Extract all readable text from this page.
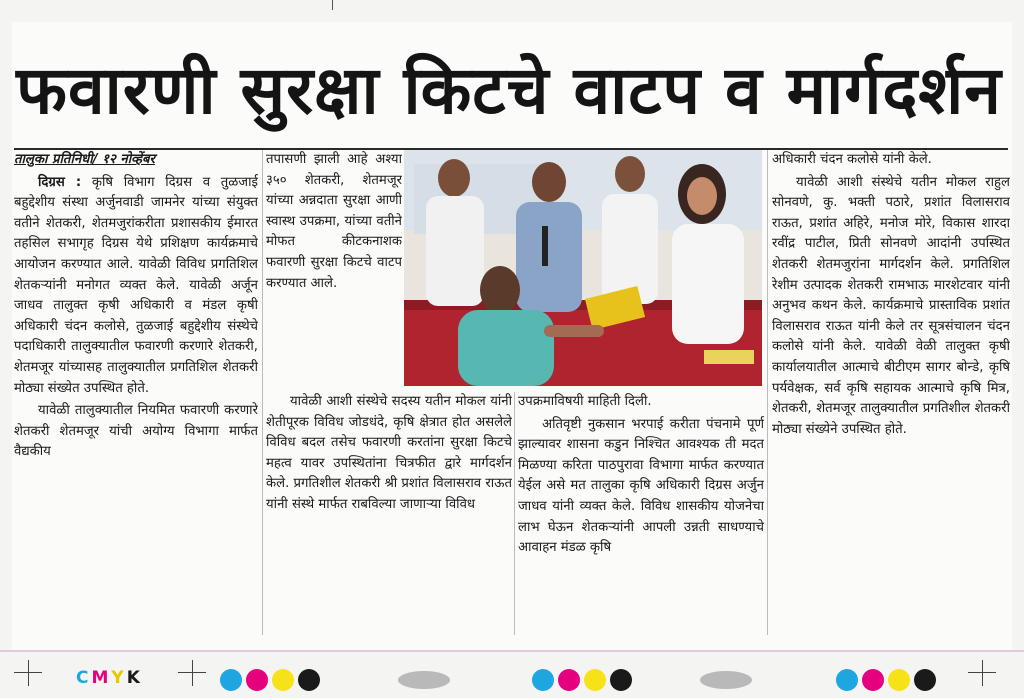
फवारणी सुरक्षा किटचे वाटप व मार्गदर्शन

तालुका प्रतिनिधी/ १२ नोव्हेंबर

दिग्रस : कृषि विभाग दिग्रस व तुळजाई बहुद्देशीय संस्था अर्जुनवाडी जामनेर यांच्या संयुक्त वतीने शेतकरी, शेतमजुरांकरीता प्रशासकीय ईमारत तहसिल सभागृह दिग्रस येथे प्रशिक्षण कार्यक्रमाचे आयोजन करण्यात आले. यावेळी विविध प्रगतिशिल शेतकऱ्यांनी मनोगत व्यक्त केले. यावेळी अर्जून जाधव तालुक्त कृषी अधिकारी व मंडल कृषी अधिकारी चंदन कलोसे, तुळजाई बहुद्देशीय संस्थेचे पदाधिकारी तालुक्यातील फवारणी करणारे शेतकरी, शेतमजूर यांच्यासह तालुक्यातील प्रगतिशिल शेतकरी मोठ्या संख्येत उपस्थित होते.

यावेळी तालुक्यातील नियमित फवारणी करणारे शेतकरी शेतमजूर यांची अयोग्य विभागा मार्फत वैद्यकीय

तपासणी झाली आहे अश्या ३५० शेतकरी, शेतमजूर यांच्या अन्नदाता सुरक्षा आणी स्वास्थ उपक्रमा, यांच्या वतीने मोफत कीटकनाशक फवारणी सुरक्षा किटचे वाटप करण्यात आले.

यावेळी आशी संस्थेचे सदस्य यतीन मोकल यांनी शेतीपूरक विविध जोडधंदे, कृषि क्षेत्रात होत असलेले विविध बदल तसेच फवारणी करतांना सुरक्षा किटचे महत्व यावर उपस्थितांना चित्रफीत द्वारे मार्गदर्शन केले. प्रगतिशील शेतकरी श्री प्रशांत विलासराव राऊत यांनी संस्थे मार्फत राबविल्या जाणाऱ्या विविध

उपक्रमाविषयी माहिती दिली.

अतिवृष्टी नुकसान भरपाई करीता पंचनामे पूर्ण झाल्यावर शासना कडुन निश्चित आवश्यक ती मदत मिळण्या करिता पाठपुरावा विभागा मार्फत करण्यात येईल असे मत तालुका कृषि अधिकारी दिग्रस अर्जुन जाधव यांनी व्यक्त केले. विविध शासकीय योजनेचा लाभ घेऊन शेतकऱ्यांनी आपली उन्नती साधण्याचे आवाहन मंडळ कृषि

अधिकारी चंदन कलोसे यांनी केले.

यावेळी आशी संस्थेचे यतीन मोकल राहुल सोनवणे, कु. भक्ती पठारे, प्रशांत विलासराव राऊत, प्रशांत अहिरे, मनोज मोरे, विकास शारदा रवींद्र पाटील, प्रिती सोनवणे आदांनी उपस्थित शेतकरी शेतमजुरांना मार्गदर्शन केले. प्रगतिशिल रेशीम उत्पादक शेतकरी रामभाऊ मारशेटवार यांनी अनुभव कथन केले. कार्यक्रमाचे प्रास्ताविक प्रशांत विलासराव राऊत यांनी केले तर सूत्रसंचालन चंदन कलोसे यांनी केले. यावेळी वेळी तालुक्त कृषी कार्यालयातील आत्माचे बीटीएम सागर बोन्डे, कृषि पर्यवेक्षक, सर्व कृषि सहायक आत्माचे कृषि मित्र, शेतकरी, शेतमजूर तालुक्यातील प्रगतिशील शेतकरी मोठ्या संख्येने उपस्थित होते.

CMYK
